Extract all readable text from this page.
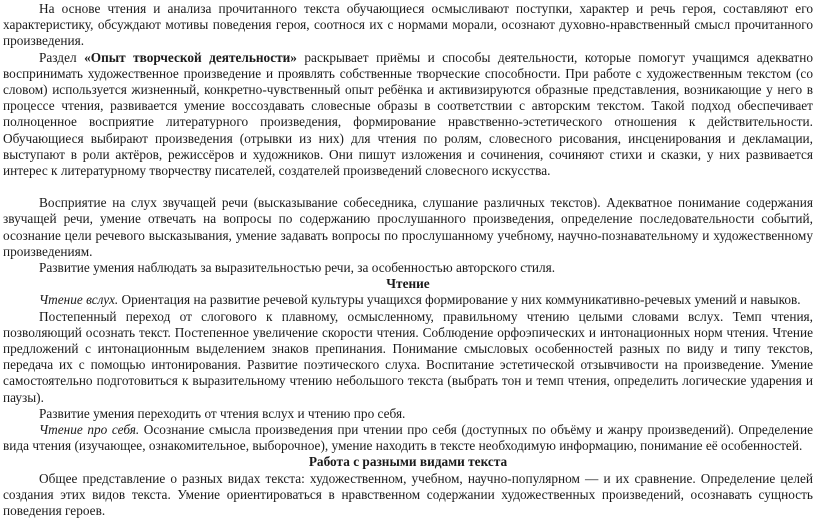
На основе чтения и анализа прочитанного текста обучающиеся осмысливают поступки, характер и речь героя, составляют его характеристику, обсуждают мотивы поведения героя, соотнося их с нормами морали, осознают духовно-нравственный смысл прочитанного произведения.

Раздел «Опыт творческой деятельности» раскрывает приёмы и способы деятельности, которые помогут учащимся адекватно воспринимать художественное произведение и проявлять собственные творческие способности. При работе с художественным текстом (со словом) используется жизненный, конкретно-чувственный опыт ребёнка и активизируются образные представления, возникающие у него в процессе чтения, развивается умение воссоздавать словесные образы в соответствии с авторским текстом. Такой подход обеспечивает полноценное восприятие литературного произведения, формирование нравственно-эстетического отношения к действительности. Обучающиеся выбирают произведения (отрывки из них) для чтения по ролям, словесного рисования, инсценирования и декламации, выступают в роли актёров, режиссёров и художников. Они пишут изложения и сочинения, сочиняют стихи и сказки, у них развивается интерес к литературному творчеству писателей, создателей произведений словесного искусства.

Восприятие на слух звучащей речи (высказывание собеседника, слушание различных текстов). Адекватное понимание содержания звучащей речи, умение отвечать на вопросы по содержанию прослушанного произведения, определение последовательности событий, осознание цели речевого высказывания, умение задавать вопросы по прослушанному учебному, научно-познавательному и художественному произведениям.

Развитие умения наблюдать за выразительностью речи, за особенностью авторского стиля.

Чтение

Чтение вслух. Ориентация на развитие речевой культуры учащихся формирование у них коммуникативно-речевых умений и навыков.

Постепенный переход от слогового к плавному, осмысленному, правильному чтению целыми словами вслух. Темп чтения, позволяющий осознать текст. Постепенное увеличение скорости чтения. Соблюдение орфоэпических и интонационных норм чтения. Чтение предложений с интонационным выделением знаков препинания. Понимание смысловых особенностей разных по виду и типу текстов, передача их с помощью интонирования. Развитие поэтического слуха. Воспитание эстетической отзывчивости на произведение. Умение самостоятельно подготовиться к выразительному чтению небольшого текста (выбрать тон и темп чтения, определить логические ударения и паузы).

Развитие умения переходить от чтения вслух и чтению про себя.

Чтение про себя. Осознание смысла произведения при чтении про себя (доступных по объёму и жанру произведений). Определение вида чтения (изучающее, ознакомительное, выборочное), умение находить в тексте необходимую информацию, понимание её особенностей.

Работа с разными видами текста

Общее представление о разных видах текста: художественном, учебном, научно-популярном — и их сравнение. Определение целей создания этих видов текста. Умение ориентироваться в нравственном содержании художественных произведений, осознавать сущность поведения героев.
